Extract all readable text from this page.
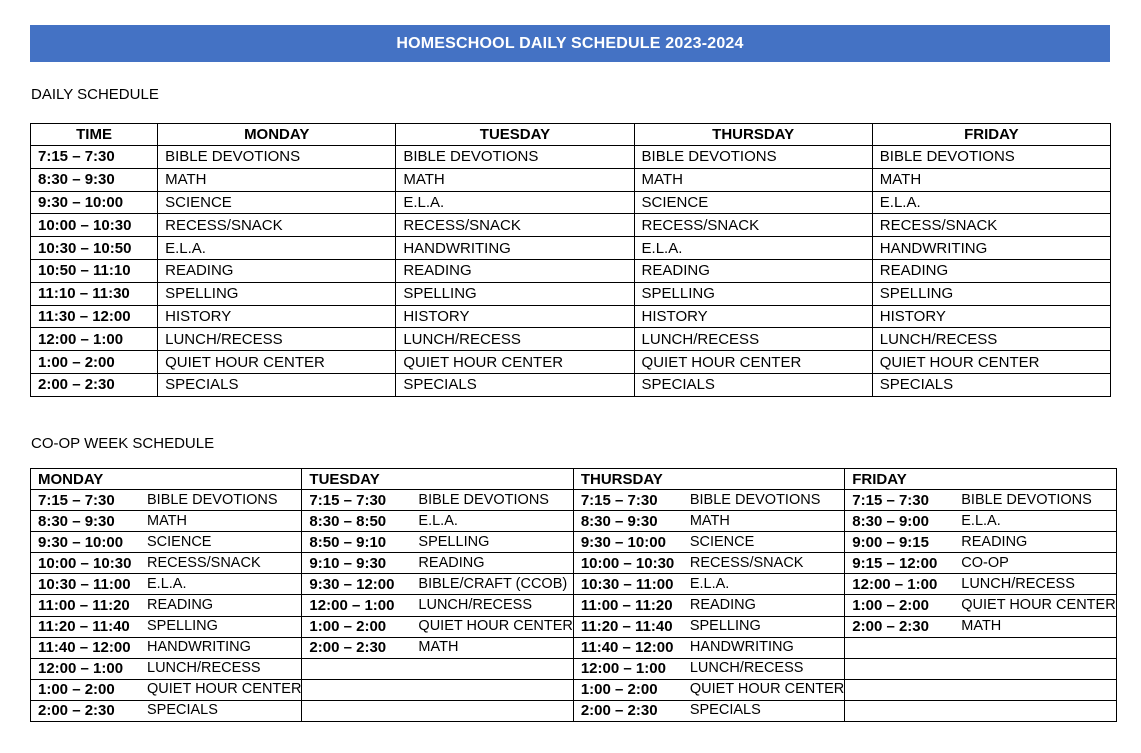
HOMESCHOOL DAILY SCHEDULE 2023-2024
DAILY SCHEDULE
TIME	MONDAY	TUESDAY	THURSDAY	FRIDAY
7:15 – 7:30	BIBLE DEVOTIONS	BIBLE DEVOTIONS	BIBLE DEVOTIONS	BIBLE DEVOTIONS
8:30 – 9:30	MATH	MATH	MATH	MATH
9:30 – 10:00	SCIENCE	E.L.A.	SCIENCE	E.L.A.
10:00 – 10:30	RECESS/SNACK	RECESS/SNACK	RECESS/SNACK	RECESS/SNACK
10:30 – 10:50	E.L.A.	HANDWRITING	E.L.A.	HANDWRITING
10:50 – 11:10	READING	READING	READING	READING
11:10 – 11:30	SPELLING	SPELLING	SPELLING	SPELLING
11:30 – 12:00	HISTORY	HISTORY	HISTORY	HISTORY
12:00 – 1:00	LUNCH/RECESS	LUNCH/RECESS	LUNCH/RECESS	LUNCH/RECESS
1:00 – 2:00	QUIET HOUR CENTER	QUIET HOUR CENTER	QUIET HOUR CENTER	QUIET HOUR CENTER
2:00 – 2:30	SPECIALS	SPECIALS	SPECIALS	SPECIALS
CO-OP WEEK SCHEDULE
MONDAY	TUESDAY	THURSDAY	FRIDAY

7:15 – 7:30 BIBLE DEVOTIONS	7:15 – 7:30 BIBLE DEVOTIONS	7:15 – 7:30 BIBLE DEVOTIONS	7:15 – 7:30 BIBLE DEVOTIONS

8:30 – 9:30 MATH	8:30 – 8:50 E.L.A.	8:30 – 9:30 MATH	8:30 – 9:00 E.L.A.

9:30 – 10:00 SCIENCE	8:50 – 9:10 SPELLING	9:30 – 10:00 SCIENCE	9:00 – 9:15 READING

10:00 – 10:30 RECESS/SNACK	9:10 – 9:30 READING	10:00 – 10:30 RECESS/SNACK	9:15 – 12:00 CO-OP

10:30 – 11:00 E.L.A.	9:30 – 12:00 BIBLE/CRAFT (CCOB)	10:30 – 11:00 E.L.A.	12:00 – 1:00 LUNCH/RECESS

11:00 – 11:20 READING	12:00 – 1:00 LUNCH/RECESS	11:00 – 11:20 READING	1:00 – 2:00 QUIET HOUR CENTER

11:20 – 11:40 SPELLING	1:00 – 2:00 QUIET HOUR CENTER	11:20 – 11:40 SPELLING	2:00 – 2:30 MATH

11:40 – 12:00 HANDWRITING	2:00 – 2:30 MATH	11:40 – 12:00 HANDWRITING	

12:00 – 1:00 LUNCH/RECESS		12:00 – 1:00 LUNCH/RECESS	

1:00 – 2:00 QUIET HOUR CENTER		1:00 – 2:00 QUIET HOUR CENTER	

2:00 – 2:30 SPECIALS		2:00 – 2:30 SPECIALS	
